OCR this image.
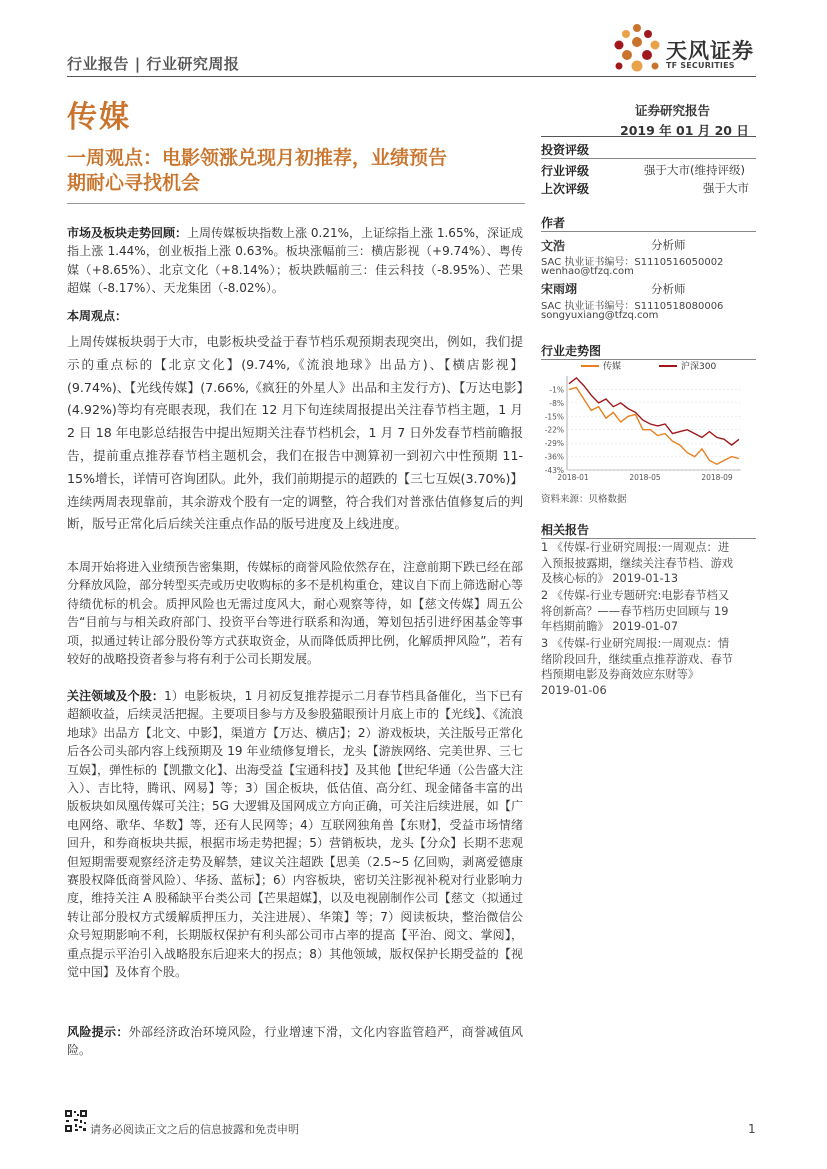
行业报告 | 行业研究周报
天风证券
TF SECURITIES
传媒	证券研究报告
2019 年 01 月 20 日
一周观点：电影领涨兑现月初推荐，业绩预告
期耐心寻找机会
投资评级
行业评级	强于大市(维持评级)
上次评级	强于大市
作者
文浩	分析师
SAC 执业证书编号：S1110516050002
wenhao@tfzq.com
宋雨翊	分析师
SAC 执业证书编号：S1110518080006
songyuxiang@tfzq.com
行业走势图
-1%
-8%
-15%
-22%
-29%
-36%
-43%
2018-01	2018-05	2018-09
传媒	沪深300
资料来源：贝格数据
相关报告
1 《传媒-行业研究周报:一周观点：进
入预报披露期，继续关注春节档、游戏
及核心标的》 2019-01-13
2 《传媒-行业专题研究:电影春节档又
将创新高？——春节档历史回顾与 19
年档期前瞻》 2019-01-07
3 《传媒-行业研究周报:一周观点：情
绪阶段回升，继续重点推荐游戏、春节
档预期电影及券商效应东财等》
2019-01-06
市场及板块走势回顾：上周传媒板块指数上涨 0.21%，上证综指上涨 1.65%，深证成指上涨 1.44%，创业板指上涨 0.63%。板块涨幅前三：横店影视（+9.74%）、粤传媒（+8.65%）、北京文化（+8.14%）；板块跌幅前三：佳云科技（-8.95%）、芒果超媒（-8.17%）、天龙集团（-8.02%）。
本周观点：
上周传媒板块弱于大市，电影板块受益于春节档乐观预期表现突出，例如，我们提示的重点标的【北京文化】(9.74%,《流浪地球》出品方)、【横店影视】(9.74%)、【光线传媒】(7.66%,《疯狂的外星人》出品和主发行方)、【万达电影】(4.92%)等均有亮眼表现，我们在 12 月下旬连续周报提出关注春节档主题，1 月 2 日 18 年电影总结报告中提出短期关注春节档机会，1 月 7 日外发春节档前瞻报告，提前重点推荐春节档主题机会，我们在报告中测算初一到初六中性预期 11-15%增长，详情可咨询团队。此外，我们前期提示的超跌的【三七互娱(3.70%)】连续两周表现靠前，其余游戏个股有一定的调整，符合我们对普涨估值修复后的判断，版号正常化后后续关注重点作品的版号进度及上线进度。
本周开始将进入业绩预告密集期，传媒标的商誉风险依然存在，注意前期下跌已经在部分释放风险，部分转型买壳或历史收购标的多不是机构重仓，建议自下而上筛选耐心等待绩优标的机会。质押风险也无需过度风大，耐心观察等待，如【慈文传媒】周五公告“目前与与相关政府部门、投资平台等进行联系和沟通，筹划包括引进纾困基金等事项，拟通过转让部分股份等方式获取资金，从而降低质押比例，化解质押风险”，若有较好的战略投资者参与将有利于公司长期发展。
关注领域及个股：1）电影板块，1 月初反复推荐提示二月春节档具备催化，当下已有超额收益，后续灵活把握。主要项目参与方及参股猫眼预计月底上市的【光线】、《流浪地球》出品方【北文、中影】，渠道方【万达、横店】；2）游戏板块，关注版号正常化后各公司头部内容上线预期及 19 年业绩修复增长，龙头【游族网络、完美世界、三七互娱】，弹性标的【凯撒文化】、出海受益【宝通科技】及其他【世纪华通（公告盛大注入）、吉比特，腾讯、网易】等；3）国企板块，低估值、高分红、现金储备丰富的出版板块如凤凰传媒可关注；5G 大逻辑及国网成立方向正确，可关注后续进展，如【广电网络、歌华、华数】等，还有人民网等；4）互联网独角兽【东财】，受益市场情绪回升，和券商板块共振，根据市场走势把握；5）营销板块，龙头【分众】长期不悲观但短期需要观察经济走势及解禁，建议关注超跌【思美（2.5~5 亿回购，剥离爱德康赛股权降低商誉风险）、华扬、蓝标】；6）内容板块，密切关注影视补税对行业影响力度，维持关注 A 股稀缺平台类公司【芒果超媒】，以及电视剧制作公司【慈文（拟通过转让部分股权方式缓解质押压力，关注进展）、华策】等；7）阅读板块，整治微信公众号短期影响不利，长期版权保护有利头部公司市占率的提高【平治、阅文、掌阅】，重点提示平治引入战略股东后迎来大的拐点；8）其他领域，版权保护长期受益的【视觉中国】及体育个股。
风险提示：外部经济政治环境风险，行业增速下滑，文化内容监管趋严，商誉减值风险。
请务必阅读正文之后的信息披露和免责申明	1
